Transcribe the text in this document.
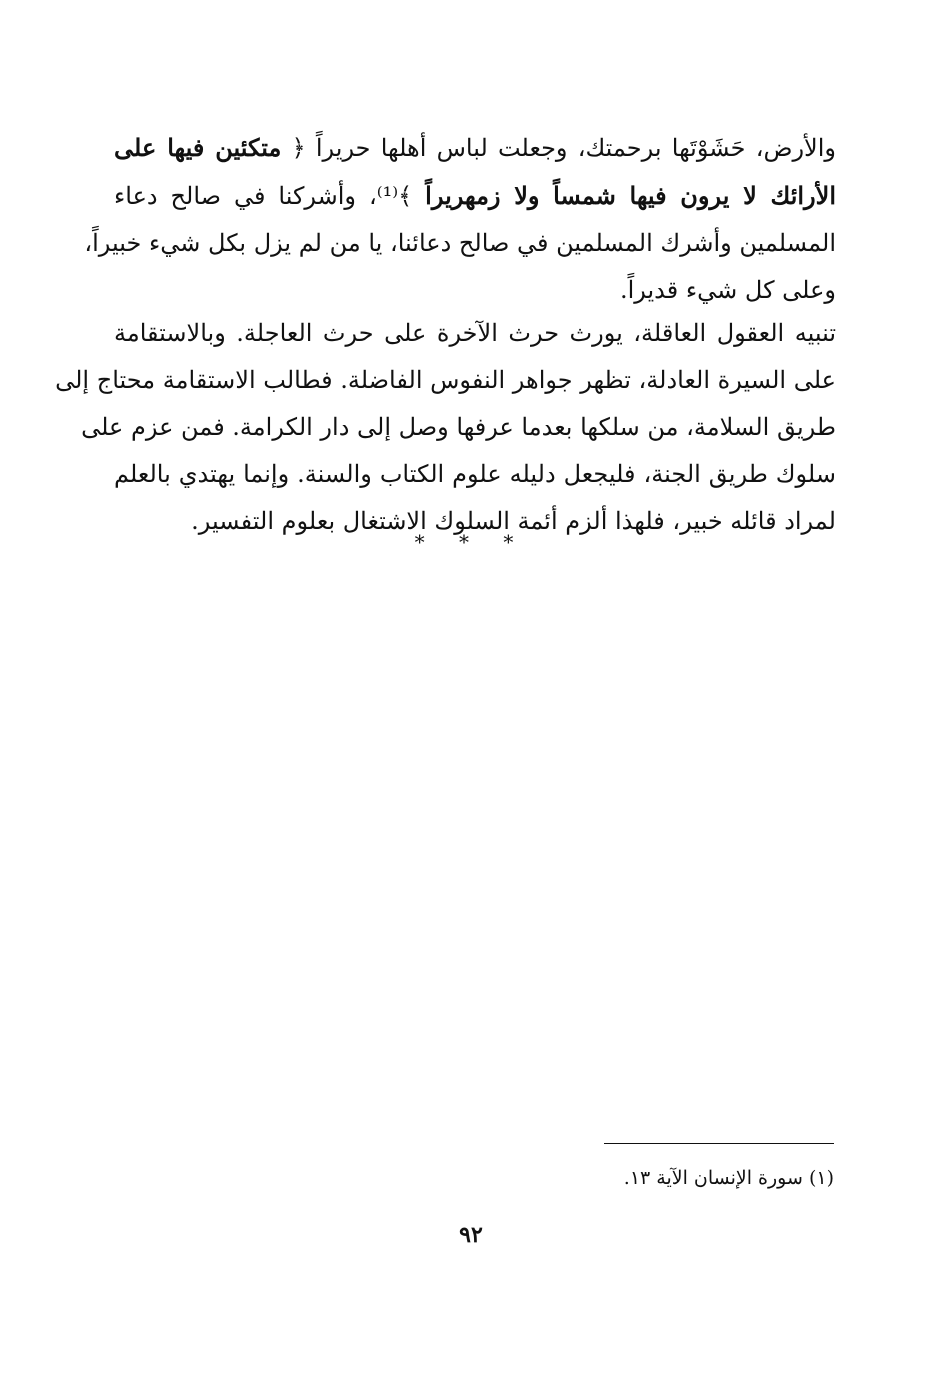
والأرض، حَشَوْتَها برحمتك، وجعلت لباس أهلها حريراً ﴿ متكئين فيها على
الأرائك لا يرون فيها شمساً ولا زمهريراً ﴾⁽¹⁾، وأشركنا في صالح دعاء
المسلمين وأشرك المسلمين في صالح دعائنا، يا من لم يزل بكل شيء خبيراً،
وعلى كل شيء قديراً.
تنبيه العقول العاقلة، يورث حرث الآخرة على حرث العاجلة. وبالاستقامة
على السيرة العادلة، تظهر جواهر النفوس الفاضلة. فطالب الاستقامة محتاج إلى
طريق السلامة، من سلكها بعدما عرفها وصل إلى دار الكرامة. فمن عزم على
سلوك طريق الجنة، فليجعل دليله علوم الكتاب والسنة. وإنما يهتدي بالعلم
لمراد قائله خبير، فلهذا ألزم أئمة السلوك الاشتغال بعلوم التفسير.
* * *
(١) سورة الإنسان الآية ١٣.
٩٢
